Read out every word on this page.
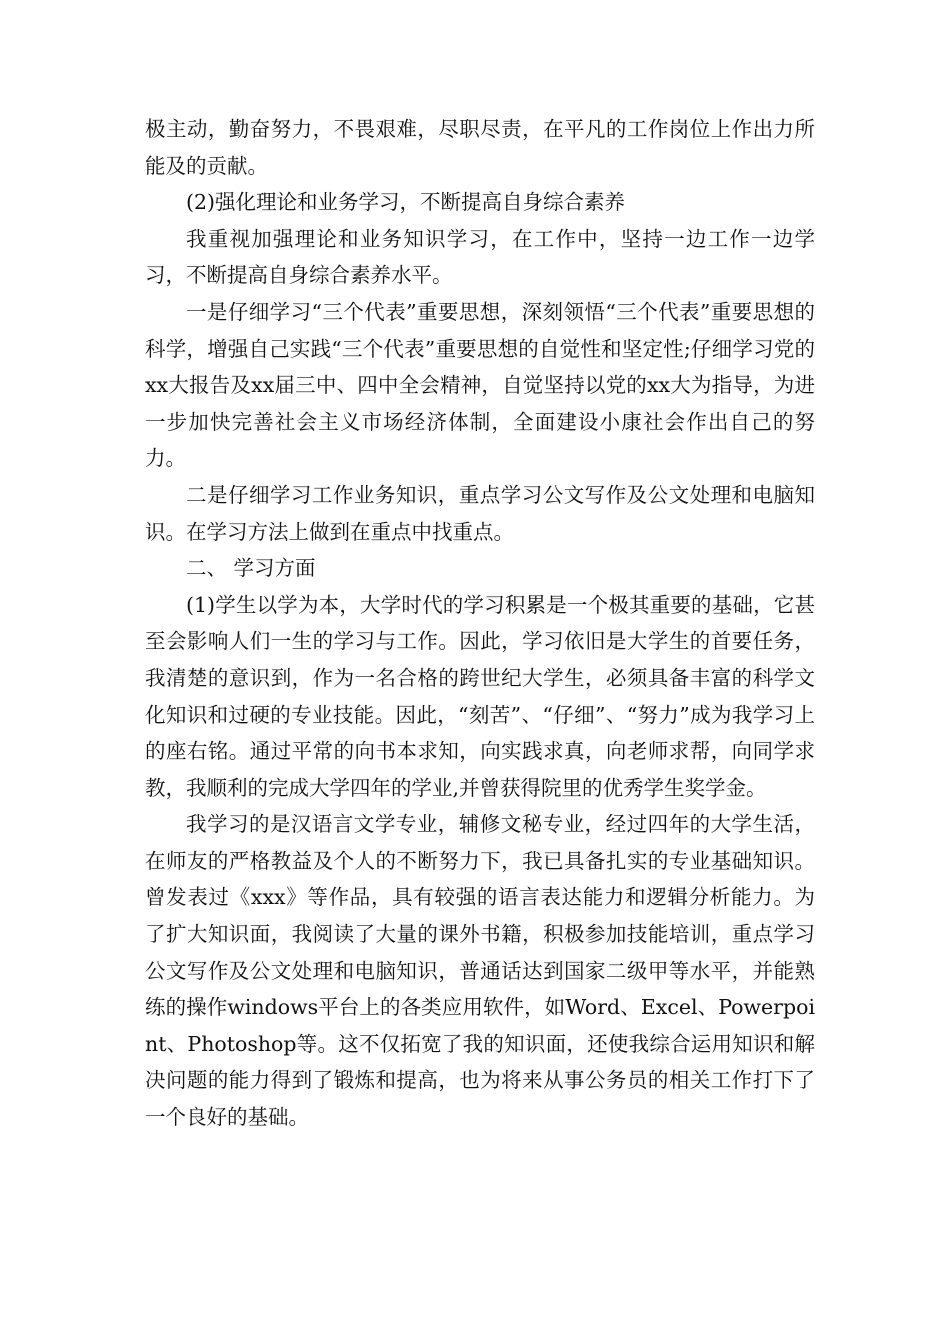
极主动，勤奋努力，不畏艰难，尽职尽责，在平凡的工作岗位上作出力所能及的贡献。

(2)强化理论和业务学习，不断提高自身综合素养

我重视加强理论和业务知识学习，在工作中，坚持一边工作一边学习，不断提高自身综合素养水平。

一是仔细学习“三个代表”重要思想，深刻领悟“三个代表”重要思想的科学，增强自己实践“三个代表”重要思想的自觉性和坚定性;仔细学习党的xx大报告及xx届三中、四中全会精神，自觉坚持以党的xx大为指导，为进一步加快完善社会主义市场经济体制，全面建设小康社会作出自己的努力。

二是仔细学习工作业务知识，重点学习公文写作及公文处理和电脑知识。在学习方法上做到在重点中找重点。

二、 学习方面

(1)学生以学为本，大学时代的学习积累是一个极其重要的基础，它甚至会影响人们一生的学习与工作。因此，学习依旧是大学生的首要任务，我清楚的意识到，作为一名合格的跨世纪大学生，必须具备丰富的科学文化知识和过硬的专业技能。因此，“刻苦”、“仔细”、“努力”成为我学习上的座右铭。通过平常的向书本求知，向实践求真，向老师求帮，向同学求教，我顺利的完成大学四年的学业,并曾获得院里的优秀学生奖学金。

我学习的是汉语言文学专业，辅修文秘专业，经过四年的大学生活，在师友的严格教益及个人的不断努力下，我已具备扎实的专业基础知识。曾发表过《xxx》等作品，具有较强的语言表达能力和逻辑分析能力。为了扩大知识面，我阅读了大量的课外书籍，积极参加技能培训，重点学习公文写作及公文处理和电脑知识，普通话达到国家二级甲等水平，并能熟练的操作windows平台上的各类应用软件，如Word、Excel、Powerpoint、Photoshop等。这不仅拓宽了我的知识面，还使我综合运用知识和解决问题的能力得到了锻炼和提高，也为将来从事公务员的相关工作打下了一个良好的基础。
